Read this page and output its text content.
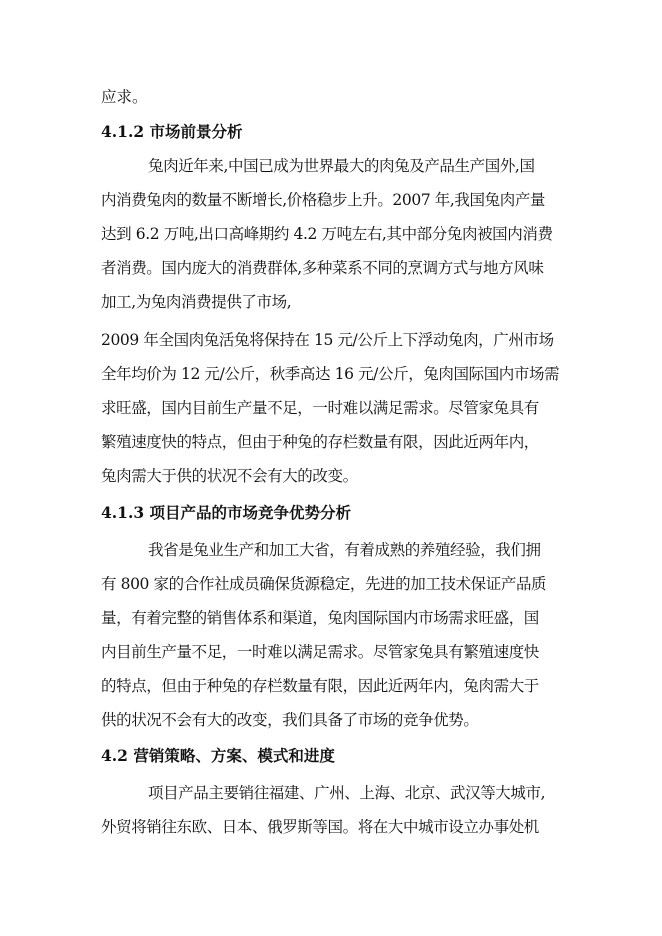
应求。
4.1.2 市场前景分析
兔肉近年来,中国已成为世界最大的肉兔及产品生产国外,国
内消费兔肉的数量不断增长,价格稳步上升。2007 年,我国兔肉产量
达到 6.2 万吨,出口高峰期约 4.2 万吨左右,其中部分兔肉被国内消费
者消费。国内庞大的消费群体,多种菜系不同的烹调方式与地方风味
加工,为兔肉消费提供了市场,
2009 年全国肉兔活兔将保持在 15 元/公斤上下浮动兔肉，广州市场
全年均价为 12 元/公斤，秋季高达 16 元/公斤，兔肉国际国内市场需
求旺盛，国内目前生产量不足，一时难以满足需求。尽管家兔具有
繁殖速度快的特点，但由于种兔的存栏数量有限，因此近两年内，
兔肉需大于供的状况不会有大的改变。
4.1.3 项目产品的市场竞争优势分析
我省是兔业生产和加工大省，有着成熟的养殖经验，我们拥
有 800 家的合作社成员确保货源稳定，先进的加工技术保证产品质
量，有着完整的销售体系和渠道，兔肉国际国内市场需求旺盛，国
内目前生产量不足，一时难以满足需求。尽管家兔具有繁殖速度快
的特点，但由于种兔的存栏数量有限，因此近两年内，兔肉需大于
供的状况不会有大的改变，我们具备了市场的竞争优势。
4.2 营销策略、方案、模式和进度
项目产品主要销往福建、广州、上海、北京、武汉等大城市,
外贸将销往东欧、日本、俄罗斯等国。将在大中城市设立办事处机
